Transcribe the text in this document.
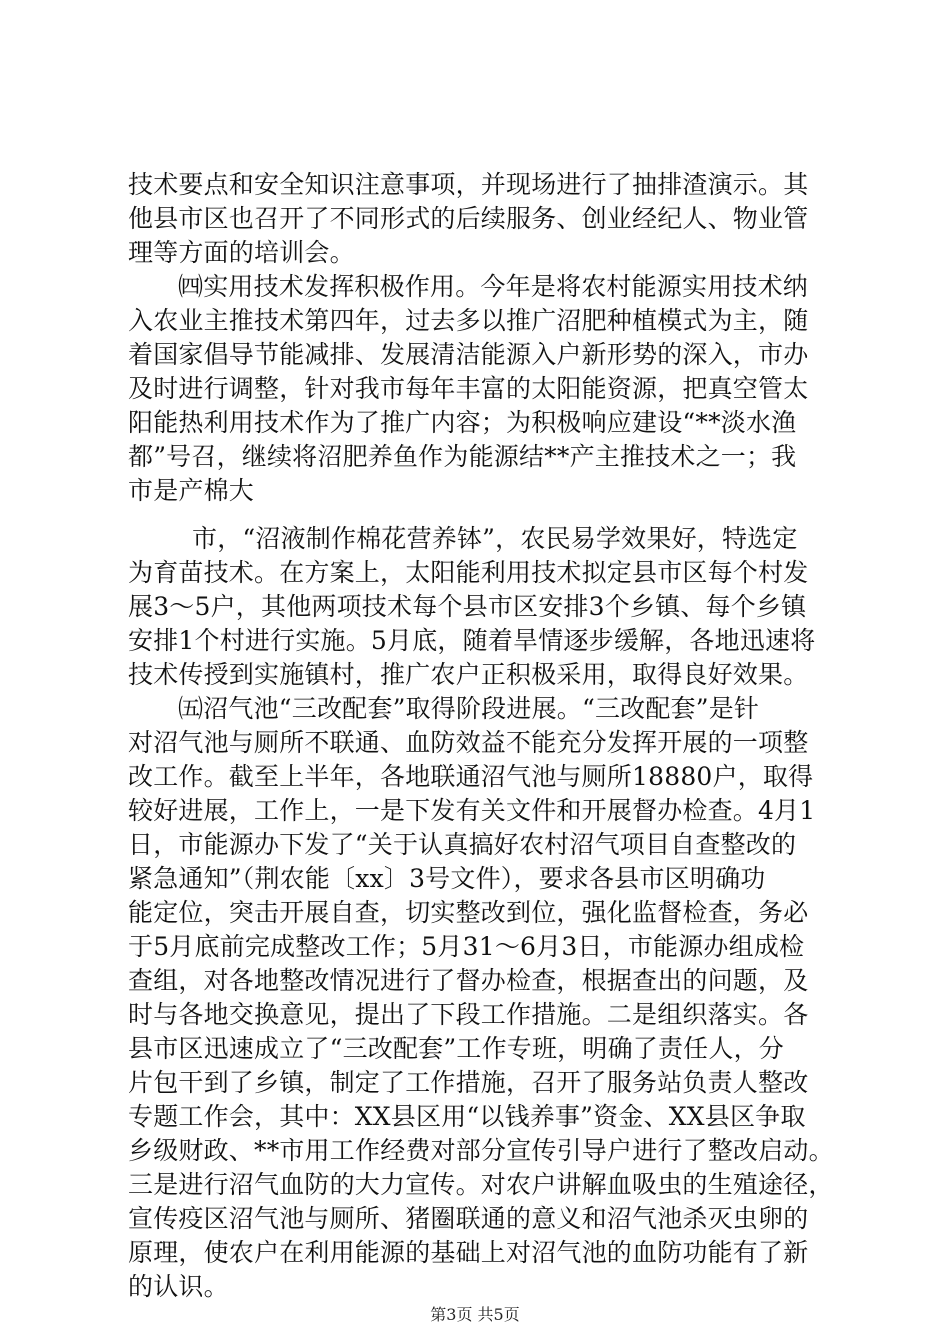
技术要点和安全知识注意事项，并现场进行了抽排渣演示。其
他县市区也召开了不同形式的后续服务、创业经纪人、物业管
理等方面的培训会。
㈣实用技术发挥积极作用。今年是将农村能源实用技术纳
入农业主推技术第四年，过去多以推广沼肥种植模式为主，随
着国家倡导节能减排、发展清洁能源入户新形势的深入，市办
及时进行调整，针对我市每年丰富的太阳能资源，把真空管太
阳能热利用技术作为了推广内容；为积极响应建设“**淡水渔
都”号召，继续将沼肥养鱼作为能源结**产主推技术之一；我
市是产棉大
市，“沼液制作棉花营养钵”，农民易学效果好，特选定
为育苗技术。在方案上，太阳能利用技术拟定县市区每个村发
展3～5户，其他两项技术每个县市区安排3个乡镇、每个乡镇
安排1个村进行实施。5月底，随着旱情逐步缓解，各地迅速将
技术传授到实施镇村，推广农户正积极采用，取得良好效果。
㈤沼气池“三改配套”取得阶段进展。“三改配套”是针
对沼气池与厕所不联通、血防效益不能充分发挥开展的一项整
改工作。截至上半年，各地联通沼气池与厕所18880户，取得
较好进展，工作上，一是下发有关文件和开展督办检查。4月1
日，市能源办下发了“关于认真搞好农村沼气项目自查整改的
紧急通知”（荆农能〔xx〕3号文件），要求各县市区明确功
能定位，突击开展自查，切实整改到位，强化监督检查，务必
于5月底前完成整改工作；5月31～6月3日，市能源办组成检
查组，对各地整改情况进行了督办检查，根据查出的问题，及
时与各地交换意见，提出了下段工作措施。二是组织落实。各
县市区迅速成立了“三改配套”工作专班，明确了责任人，分
片包干到了乡镇，制定了工作措施，召开了服务站负责人整改
专题工作会，其中：XX县区用“以钱养事”资金、XX县区争取
乡级财政、**市用工作经费对部分宣传引导户进行了整改启动。
三是进行沼气血防的大力宣传。对农户讲解血吸虫的生殖途径，
宣传疫区沼气池与厕所、猪圈联通的意义和沼气池杀灭虫卵的
原理，使农户在利用能源的基础上对沼气池的血防功能有了新
的认识。
第3页 共5页
